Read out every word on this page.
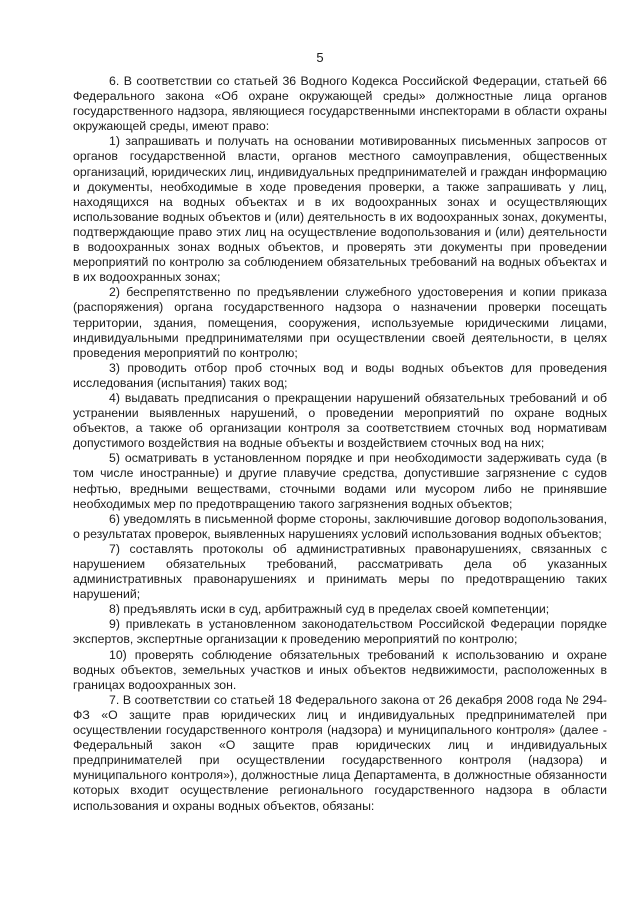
5

6. В соответствии со статьей 36 Водного Кодекса Российской Федерации, статьей 66 Федерального закона «Об охране окружающей среды» должностные лица органов государственного надзора, являющиеся государственными инспекторами в области охраны окружающей среды, имеют право:

1) запрашивать и получать на основании мотивированных письменных запросов от органов государственной власти, органов местного самоуправления, общественных организаций, юридических лиц, индивидуальных предпринимателей и граждан информацию и документы, необходимые в ходе проведения проверки, а также запрашивать у лиц, находящихся на водных объектах и в их водоохранных зонах и осуществляющих использование водных объектов и (или) деятельность в их водоохранных зонах, документы, подтверждающие право этих лиц на осуществление водопользования и (или) деятельности в водоохранных зонах водных объектов, и проверять эти документы при проведении мероприятий по контролю за соблюдением обязательных требований на водных объектах и в их водоохранных зонах;

2) беспрепятственно по предъявлении служебного удостоверения и копии приказа (распоряжения) органа государственного надзора о назначении проверки посещать территории, здания, помещения, сооружения, используемые юридическими лицами, индивидуальными предпринимателями при осуществлении своей деятельности, в целях проведения мероприятий по контролю;

3) проводить отбор проб сточных вод и воды водных объектов для проведения исследования (испытания) таких вод;

4) выдавать предписания о прекращении нарушений обязательных требований и об устранении выявленных нарушений, о проведении мероприятий по охране водных объектов, а также об организации контроля за соответствием сточных вод нормативам допустимого воздействия на водные объекты и воздействием сточных вод на них;

5) осматривать в установленном порядке и при необходимости задерживать суда (в том числе иностранные) и другие плавучие средства, допустившие загрязнение с судов нефтью, вредными веществами, сточными водами или мусором либо не принявшие необходимых мер по предотвращению такого загрязнения водных объектов;

6) уведомлять в письменной форме стороны, заключившие договор водопользования, о результатах проверок, выявленных нарушениях условий использования водных объектов;

7) составлять протоколы об административных правонарушениях, связанных с нарушением обязательных требований, рассматривать дела об указанных административных правонарушениях и принимать меры по предотвращению таких нарушений;

8) предъявлять иски в суд, арбитражный суд в пределах своей компетенции;

9) привлекать в установленном законодательством Российской Федерации порядке экспертов, экспертные организации к проведению мероприятий по контролю;

10) проверять соблюдение обязательных требований к использованию и охране водных объектов, земельных участков и иных объектов недвижимости, расположенных в границах водоохранных зон.

7. В соответствии со статьей 18 Федерального закона от 26 декабря 2008 года № 294-ФЗ «О защите прав юридических лиц и индивидуальных предпринимателей при осуществлении государственного контроля (надзора) и муниципального контроля» (далее - Федеральный закон «О защите прав юридических лиц и индивидуальных предпринимателей при осуществлении государственного контроля (надзора) и муниципального контроля»), должностные лица Департамента, в должностные обязанности которых входит осуществление регионального государственного надзора в области использования и охраны водных объектов, обязаны:
